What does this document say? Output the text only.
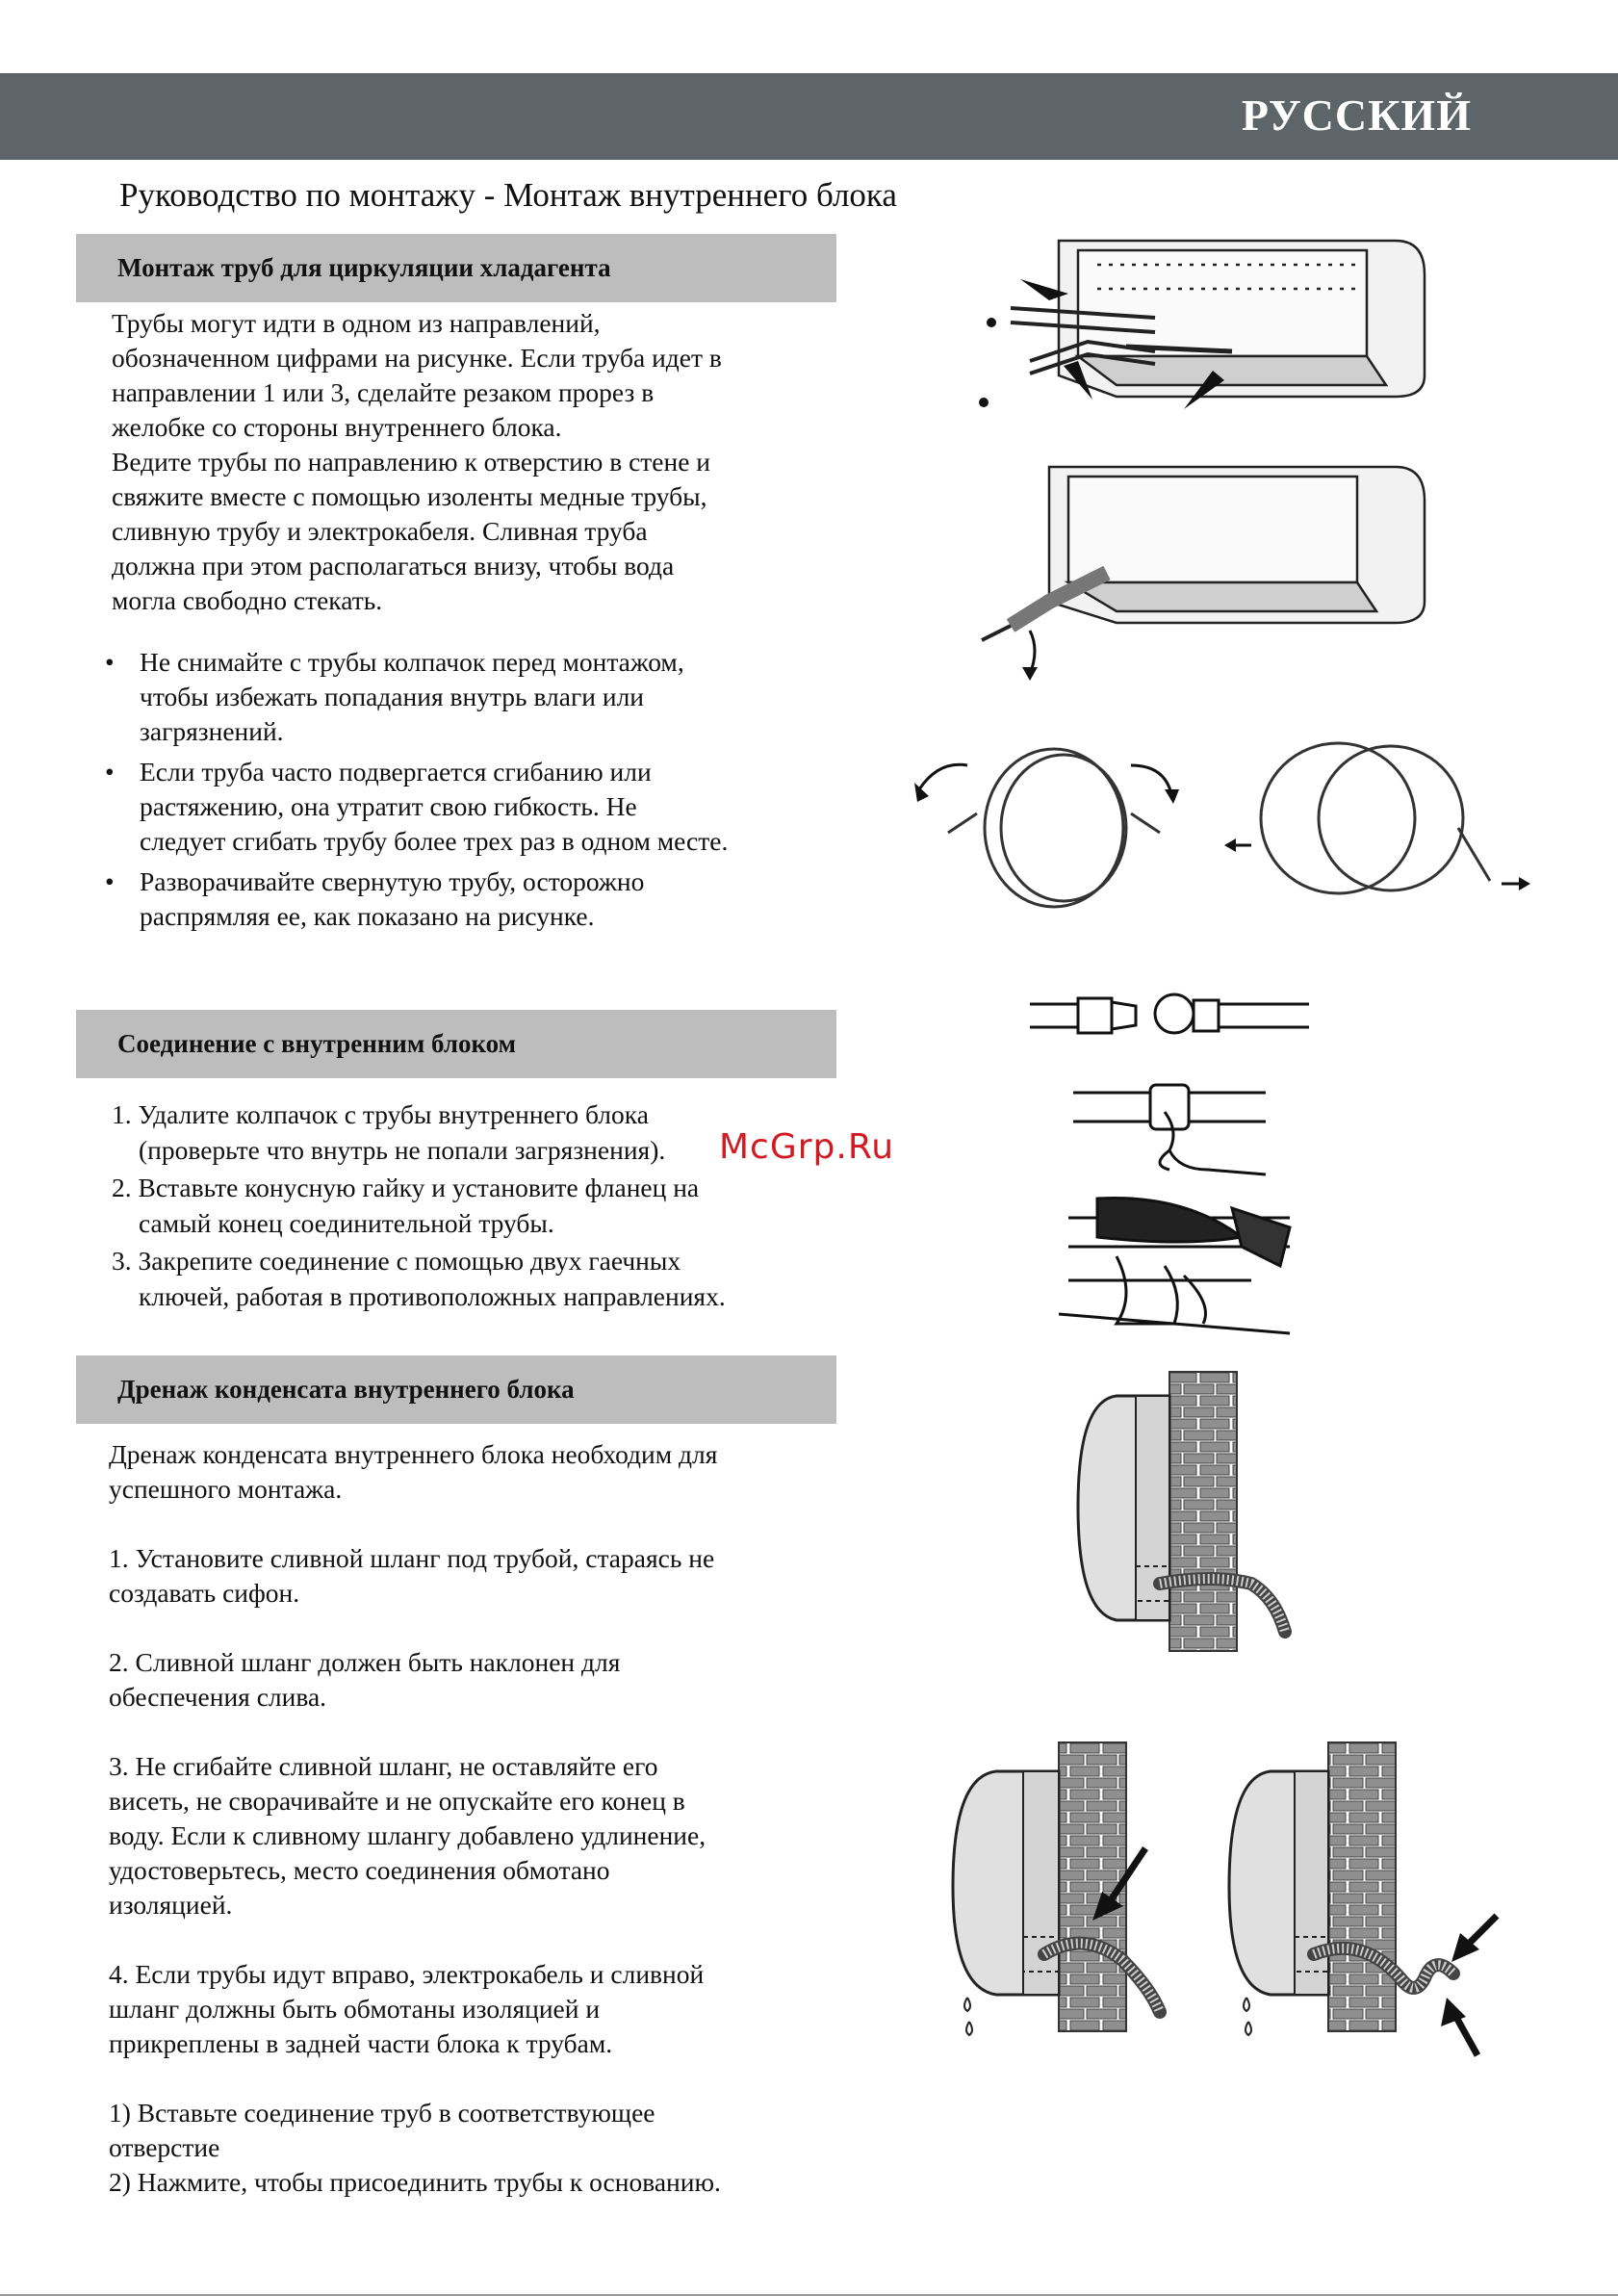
РУССКИЙ
Руководство по монтажу - Монтаж внутреннего блока
Монтаж труб для циркуляции хладагента

Трубы могут идти в одном из направлений,

обозначенном цифрами на рисунке. Если труба идет в

направлении 1 или 3, сделайте резаком прорез в

желобке со стороны внутреннего блока.

Ведите трубы по направлению к отверстию в стене и

свяжите вместе с помощью изоленты медные трубы,

сливную трубу и электрокабеля. Сливная труба

должна при этом располагаться внизу, чтобы вода

могла свободно стекать.

• Не снимайте с трубы колпачок перед монтажом,
чтобы избежать попадания внутрь влаги или
загрязнений.
• Если труба часто подвергается сгибанию или
растяжению, она утратит свою гибкость. Не
следует сгибать трубу более трех раз в одном месте.
• Разворачивайте свернутую трубу, осторожно
распрямляя ее, как показано на рисунке.
Соединение с внутренним блоком
1. Удалите колпачок с трубы внутреннего блока
(проверьте что внутрь не попали загрязнения).
2. Вставьте конусную гайку и установите фланец на
самый конец соединительной трубы.
3. Закрепите соединение с помощью двух гаечных
ключей, работая в противоположных направлениях.
McGrp.Ru
Дренаж конденсата внутреннего блока

Дренаж конденсата внутреннего блока необходим для

успешного монтажа.

1. Установите сливной шланг под трубой, стараясь не

создавать сифон.

2. Сливной шланг должен быть наклонен для

обеспечения слива.

3. Не сгибайте сливной шланг, не оставляйте его

висеть, не сворачивайте и не опускайте его конец в

воду. Если к сливному шлангу добавлено удлинение,

удостоверьтесь, место соединения обмотано

изоляцией.

4. Если трубы идут вправо, электрокабель и сливной

шланг должны быть обмотаны изоляцией и

прикреплены в задней части блока к трубам.

1) Вставьте соединение труб в соответствующее

отверстие

2) Нажмите, чтобы присоединить трубы к основанию.
